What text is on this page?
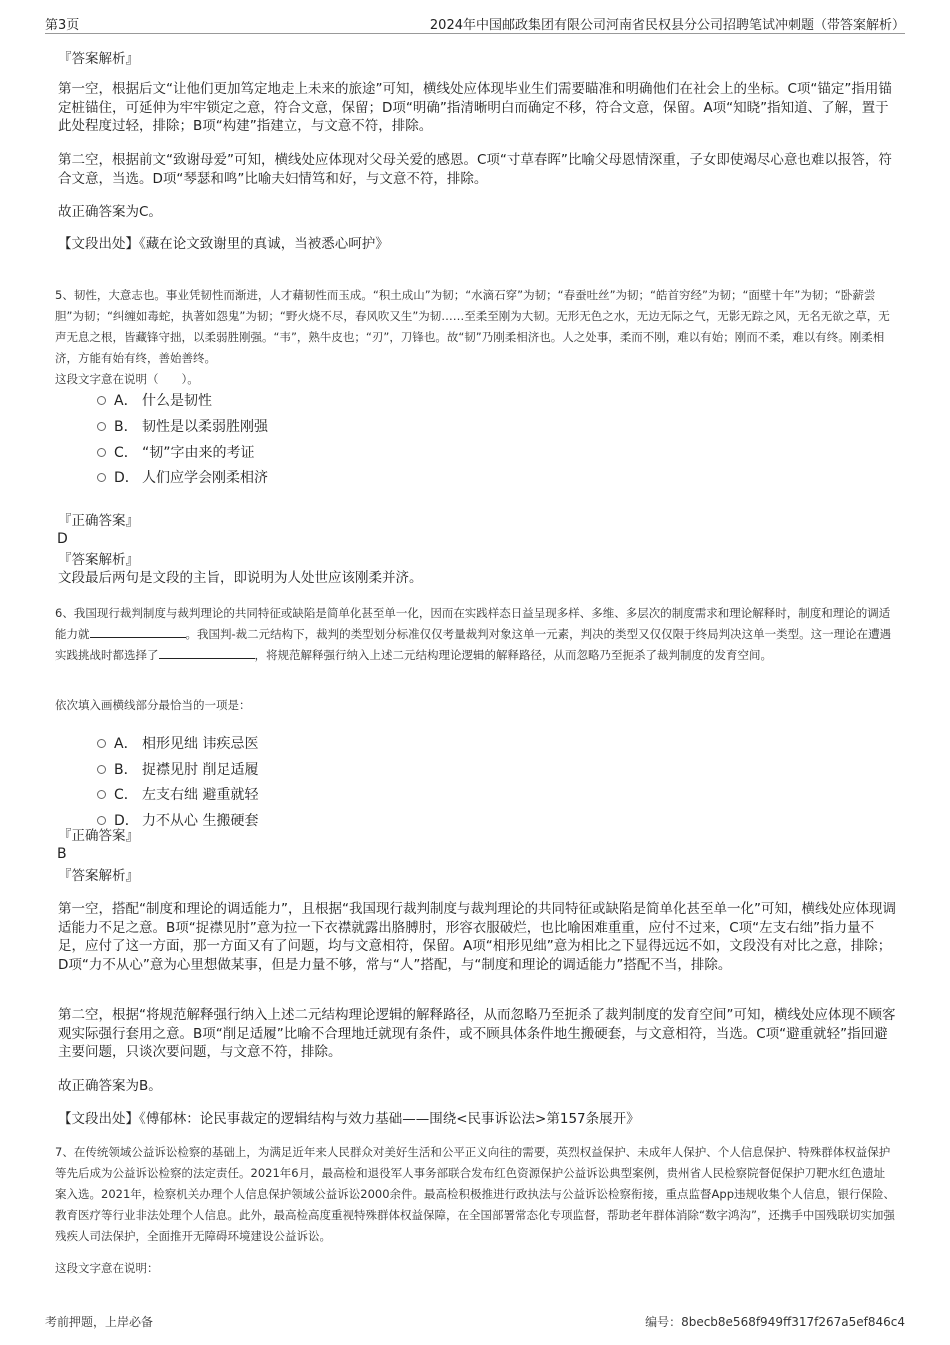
第3页	2024年中国邮政集团有限公司河南省民权县分公司招聘笔试冲刺题（带答案解析）
『答案解析』
第一空，根据后文“让他们更加笃定地走上未来的旅途”可知，横线处应体现毕业生们需要瞄准和明确他们在社会上的坐标。C项“锚定”指用锚定桩锚住，可延伸为牢牢锁定之意，符合文意，保留；D项“明确”指清晰明白而确定不移，符合文意，保留。A项“知晓”指知道、了解，置于此处程度过轻，排除；B项“构建”指建立，与文意不符，排除。
第二空，根据前文“致谢母爱”可知，横线处应体现对父母关爱的感恩。C项“寸草春晖”比喻父母恩情深重，子女即使竭尽心意也难以报答，符合文意，当选。D项“琴瑟和鸣”比喻夫妇情笃和好，与文意不符，排除。
故正确答案为C。
【文段出处】《藏在论文致谢里的真诚，当被悉心呵护》
5、韧性，大意志也。事业凭韧性而渐进，人才藉韧性而玉成。“积土成山”为韧；“水滴石穿”为韧；“春蚕吐丝”为韧；“皓首穷经”为韧；“面壁十年”为韧；“卧薪尝胆”为韧；“纠缠如毒蛇，执著如怨鬼”为韧；“野火烧不尽，春风吹又生”为韧……至柔至刚为大韧。无形无色之水，无边无际之气，无影无踪之风，无名无欲之草，无声无息之根，皆藏锋守拙，以柔弱胜刚强。“韦”，熟牛皮也；“刃”，刀锋也。故“韧”乃刚柔相济也。人之处事，柔而不刚，难以有始；刚而不柔，难以有终。刚柔相济，方能有始有终，善始善终。
这段文字意在说明（　　）。
A． 什么是韧性
B． 韧性是以柔弱胜刚强
C． “韧”字由来的考证
D． 人们应学会刚柔相济
『正确答案』
D
『答案解析』
文段最后两句是文段的主旨，即说明为人处世应该刚柔并济。
6、我国现行裁判制度与裁判理论的共同特征或缺陷是简单化甚至单一化，因而在实践样态日益呈现多样、多维、多层次的制度需求和理论解释时，制度和理论的调适能力就	。我国判-裁二元结构下，裁判的类型划分标准仅仅考量裁判对象这单一元素，判决的类型又仅仅限于终局判决这单一类型。这一理论在遭遇实践挑战时都选择了	，将规范解释强行纳入上述二元结构理论逻辑的解释路径，从而忽略乃至扼杀了裁判制度的发育空间。
依次填入画横线部分最恰当的一项是：
A． 相形见绌 讳疾忌医
B． 捉襟见肘 削足适履
C． 左支右绌 避重就轻
D． 力不从心 生搬硬套
『正确答案』
B
『答案解析』
第一空，搭配“制度和理论的调适能力”，且根据“我国现行裁判制度与裁判理论的共同特征或缺陷是简单化甚至单一化”可知，横线处应体现调适能力不足之意。B项“捉襟见肘”意为拉一下衣襟就露出胳膊肘，形容衣服破烂，也比喻困难重重，应付不过来，C项“左支右绌”指力量不足，应付了这一方面，那一方面又有了问题，均与文意相符，保留。A项“相形见绌”意为相比之下显得远远不如，文段没有对比之意，排除；D项“力不从心”意为心里想做某事，但是力量不够，常与“人”搭配，与“制度和理论的调适能力”搭配不当，排除。
第二空，根据“将规范解释强行纳入上述二元结构理论逻辑的解释路径，从而忽略乃至扼杀了裁判制度的发育空间”可知，横线处应体现不顾客观实际强行套用之意。B项“削足适履”比喻不合理地迁就现有条件，或不顾具体条件地生搬硬套，与文意相符，当选。C项“避重就轻”指回避主要问题，只谈次要问题，与文意不符，排除。
故正确答案为B。
【文段出处】《傅郁林：论民事裁定的逻辑结构与效力基础——围绕<民事诉讼法>第157条展开》
7、在传统领域公益诉讼检察的基础上，为满足近年来人民群众对美好生活和公平正义向往的需要，英烈权益保护、未成年人保护、个人信息保护、特殊群体权益保护等先后成为公益诉讼检察的法定责任。2021年6月，最高检和退役军人事务部联合发布红色资源保护公益诉讼典型案例，贵州省人民检察院督促保护刀靶水红色遗址案入选。2021年，检察机关办理个人信息保护领域公益诉讼2000余件。最高检积极推进行政执法与公益诉讼检察衔接，重点监督App违规收集个人信息，银行保险、教育医疗等行业非法处理个人信息。此外，最高检高度重视特殊群体权益保障，在全国部署常态化专项监督，帮助老年群体消除“数字鸿沟”，还携手中国残联切实加强残疾人司法保护，全面推开无障碍环境建设公益诉讼。
这段文字意在说明：
考前押题，上岸必备	编号：8becb8e568f949ff317f267a5ef846c4
